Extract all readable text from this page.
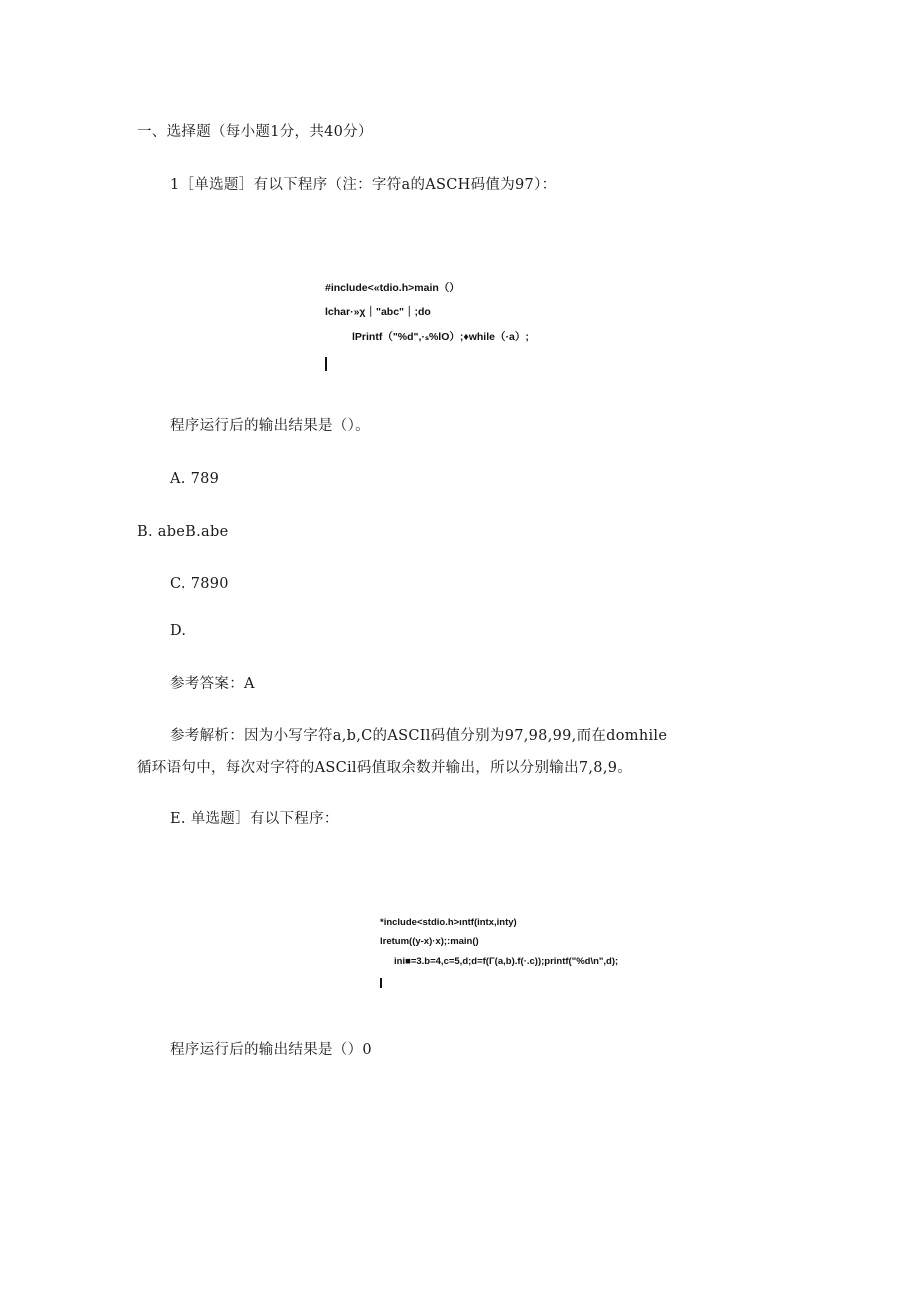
一、选择题（每小题1分，共40分）
1［单选题］有以下程序（注：字符a的ASCH码值为97）：
#include<«tdio.h>main（）
lchar·»χ｜"abc"｜;do
lPrintf（"%d",·ₛ%lO）;♦while（·a）;
程序运行后的输出结果是（）。
A. 789
B. abeB.abe
C. 7890
D.
参考答案：A
参考解析：因为小写字符a,b,C的ASCIl码值分别为97,98,99,而在domhile
循环语句中，每次对字符的ASCil码值取余数并输出，所以分别输出7,8,9。
E. 单选题］有以下程序：
*include<stdio.h>ıntf(intx,inty)
lretum((y-x)·x);:main()
ini■=3.b=4,c=5,d;d=f(Γ(a,b).f(·.c));printf("%d\n",d);
程序运行后的输出结果是（）0
